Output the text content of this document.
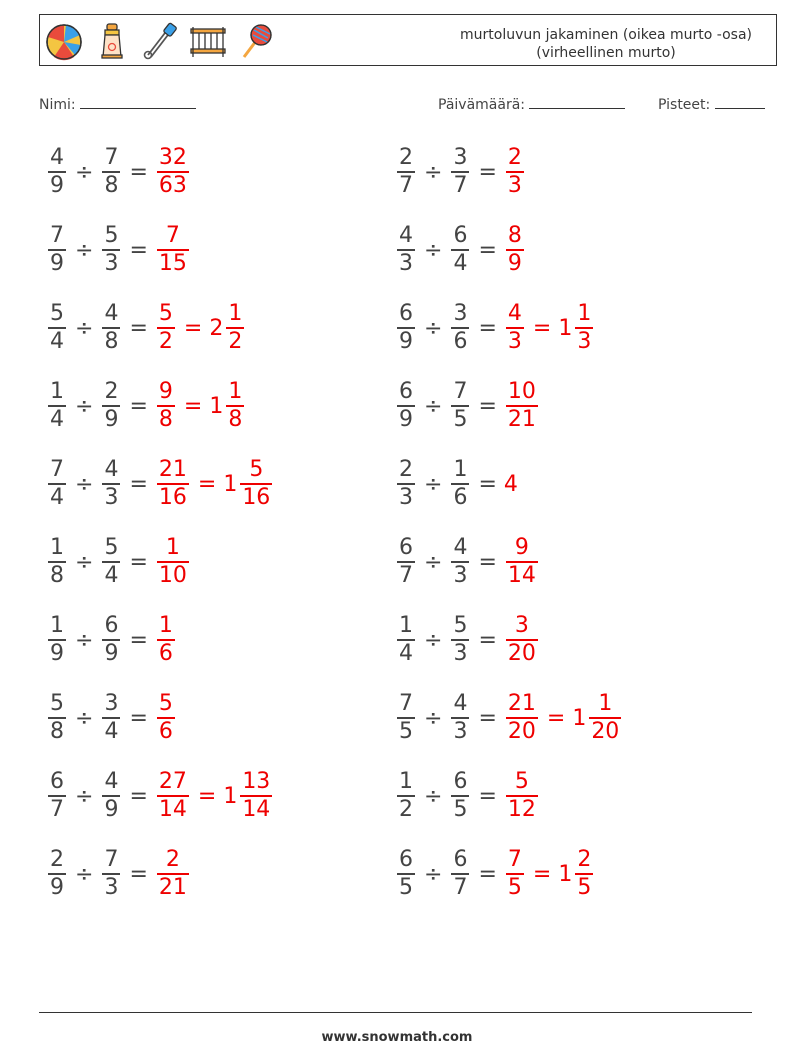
murtoluvun jakaminen (oikea murto -osa)
(virheellinen murto)
Nimi:	Päivämäärä:	Pisteet:
$\frac{4}{9} \div \frac{7}{8} = \frac{32}{63}$	$\frac{2}{7} \div \frac{3}{7} = \frac{2}{3}$
$\frac{7}{9} \div \frac{5}{3} = \frac{7}{15}$	$\frac{4}{3} \div \frac{6}{4} = \frac{8}{9}$
$\frac{5}{4} \div \frac{4}{8} = \frac{5}{2} = 2 \frac{1}{2}$	$\frac{6}{9} \div \frac{3}{6} = \frac{4}{3} = 1 \frac{1}{3}$
$\frac{1}{4} \div \frac{2}{9} = \frac{9}{8} = 1 \frac{1}{8}$	$\frac{6}{9} \div \frac{7}{5} = \frac{10}{21}$
$\frac{7}{4} \div \frac{4}{3} = \frac{21}{16} = 1 \frac{5}{16}$	$\frac{2}{3} \div \frac{1}{6} = 4$
$\frac{1}{8} \div \frac{5}{4} = \frac{1}{10}$	$\frac{6}{7} \div \frac{4}{3} = \frac{9}{14}$
$\frac{1}{9} \div \frac{6}{9} = \frac{1}{6}$	$\frac{1}{4} \div \frac{5}{3} = \frac{3}{20}$
$\frac{5}{8} \div \frac{3}{4} = \frac{5}{6}$	$\frac{7}{5} \div \frac{4}{3} = \frac{21}{20} = 1 \frac{1}{20}$
$\frac{6}{7} \div \frac{4}{9} = \frac{27}{14} = 1 \frac{13}{14}$	$\frac{1}{2} \div \frac{6}{5} = \frac{5}{12}$
$\frac{2}{9} \div \frac{7}{3} = \frac{2}{21}$	$\frac{6}{5} \div \frac{6}{7} = \frac{7}{5} = 1 \frac{2}{5}$
www.snowmath.com
